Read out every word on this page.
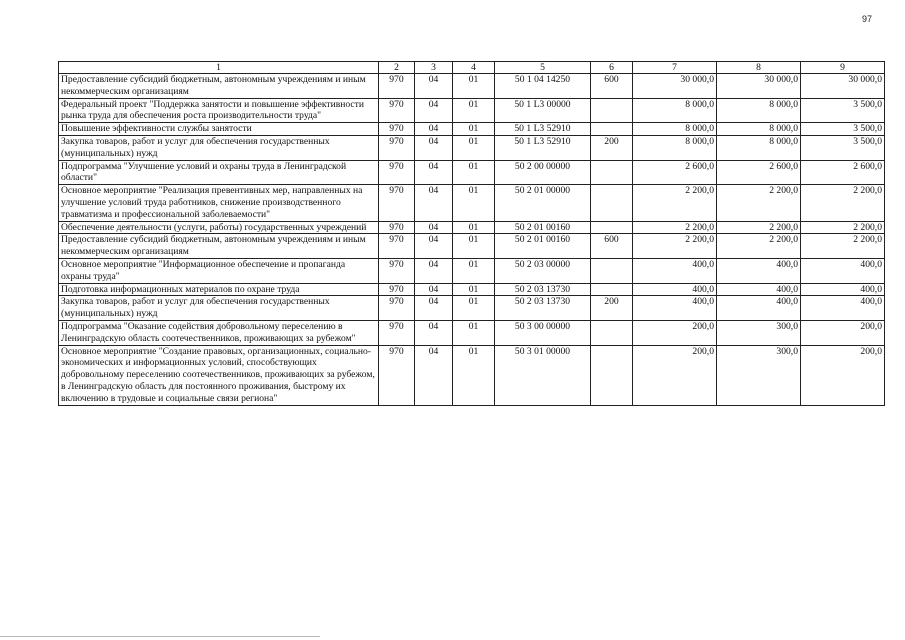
97
1	2	3	4	5	6	7	8	9
Предоставление субсидий бюджетным, автономным учреждениям и иным некоммерческим организациям	970	04	01	50 1 04 14250	600	30 000,0	30 000,0	30 000,0
Федеральный проект "Поддержка занятости и повышение эффективности рынка труда для обеспечения роста производительности труда"	970	04	01	50 1 L3 00000		8 000,0	8 000,0	3 500,0
Повышение эффективности службы занятости	970	04	01	50 1 L3 52910		8 000,0	8 000,0	3 500,0
Закупка товаров, работ и услуг для обеспечения государственных (муниципальных) нужд	970	04	01	50 1 L3 52910	200	8 000,0	8 000,0	3 500,0
Подпрограмма "Улучшение условий и охраны труда в Ленинградской области"	970	04	01	50 2 00 00000		2 600,0	2 600,0	2 600,0
Основное мероприятие "Реализация превентивных мер, направленных на улучшение условий труда работников, снижение производственного травматизма и профессиональной заболеваемости"	970	04	01	50 2 01 00000		2 200,0	2 200,0	2 200,0
Обеспечение деятельности (услуги, работы) государственных учреждений	970	04	01	50 2 01 00160		2 200,0	2 200,0	2 200,0
Предоставление субсидий бюджетным, автономным учреждениям и иным некоммерческим организациям	970	04	01	50 2 01 00160	600	2 200,0	2 200,0	2 200,0
Основное мероприятие "Информационное обеспечение и пропаганда охраны труда"	970	04	01	50 2 03 00000		400,0	400,0	400,0
Подготовка информационных материалов по охране труда	970	04	01	50 2 03 13730		400,0	400,0	400,0
Закупка товаров, работ и услуг для обеспечения государственных (муниципальных) нужд	970	04	01	50 2 03 13730	200	400,0	400,0	400,0
Подпрограмма "Оказание содействия добровольному переселению в Ленинградскую область соотечественников, проживающих за рубежом"	970	04	01	50 3 00 00000		200,0	300,0	200,0
Основное мероприятие "Создание правовых, организационных, социально-экономических и информационных условий, способствующих добровольному переселению соотечественников, проживающих за рубежом, в Ленинградскую область для постоянного проживания, быстрому их включению в трудовые и социальные связи региона"	970	04	01	50 3 01 00000		200,0	300,0	200,0
